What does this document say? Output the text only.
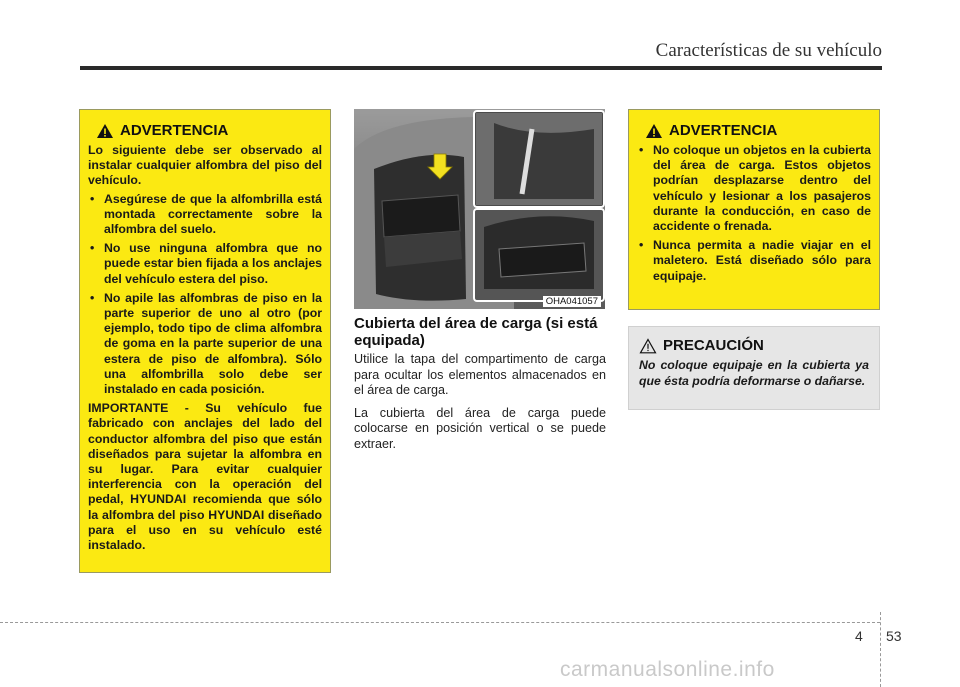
Características de su vehículo
ADVERTENCIA

Lo siguiente debe ser observado al instalar cualquier alfombra del piso del vehículo.

• Asegúrese de que la alfombrilla está montada correctamente sobre la alfombra del suelo.
• No use ninguna alfombra que no puede estar bien fijada a los anclajes del vehículo estera del piso.
• No apile las alfombras de piso en la parte superior de uno al otro (por ejemplo, todo tipo de clima alfombra de goma en la parte superior de una estera de piso de alfombra). Sólo una alfombrilla solo debe ser instalado en cada posición.

IMPORTANTE - Su vehículo fue fabricado con anclajes del lado del conductor alfombra del piso que están diseñados para sujetar la alfombra en su lugar. Para evitar cualquier interferencia con la operación del pedal, HYUNDAI recomienda que sólo la alfombra del piso HYUNDAI diseñado para el uso en su vehículo esté instalado.

OHA041057
Cubierta del área de carga (si está equipada)

Utilice la tapa del compartimento de carga para ocultar los elementos almacenados en el área de carga.

La cubierta del área de carga puede colocarse en posición vertical o se puede extraer.

ADVERTENCIA
• No coloque un objetos en la cubierta del área de carga. Estos objetos podrían desplazarse dentro del vehículo y lesionar a los pasajeros durante la conducción, en caso de accidente o frenada.
• Nunca permita a nadie viajar en el maletero. Está diseñado sólo para equipaje.
PRECAUCIÓN
No coloque equipaje en la cubierta ya que ésta podría deformarse o dañarse.
4 53
carmanualsonline.info
